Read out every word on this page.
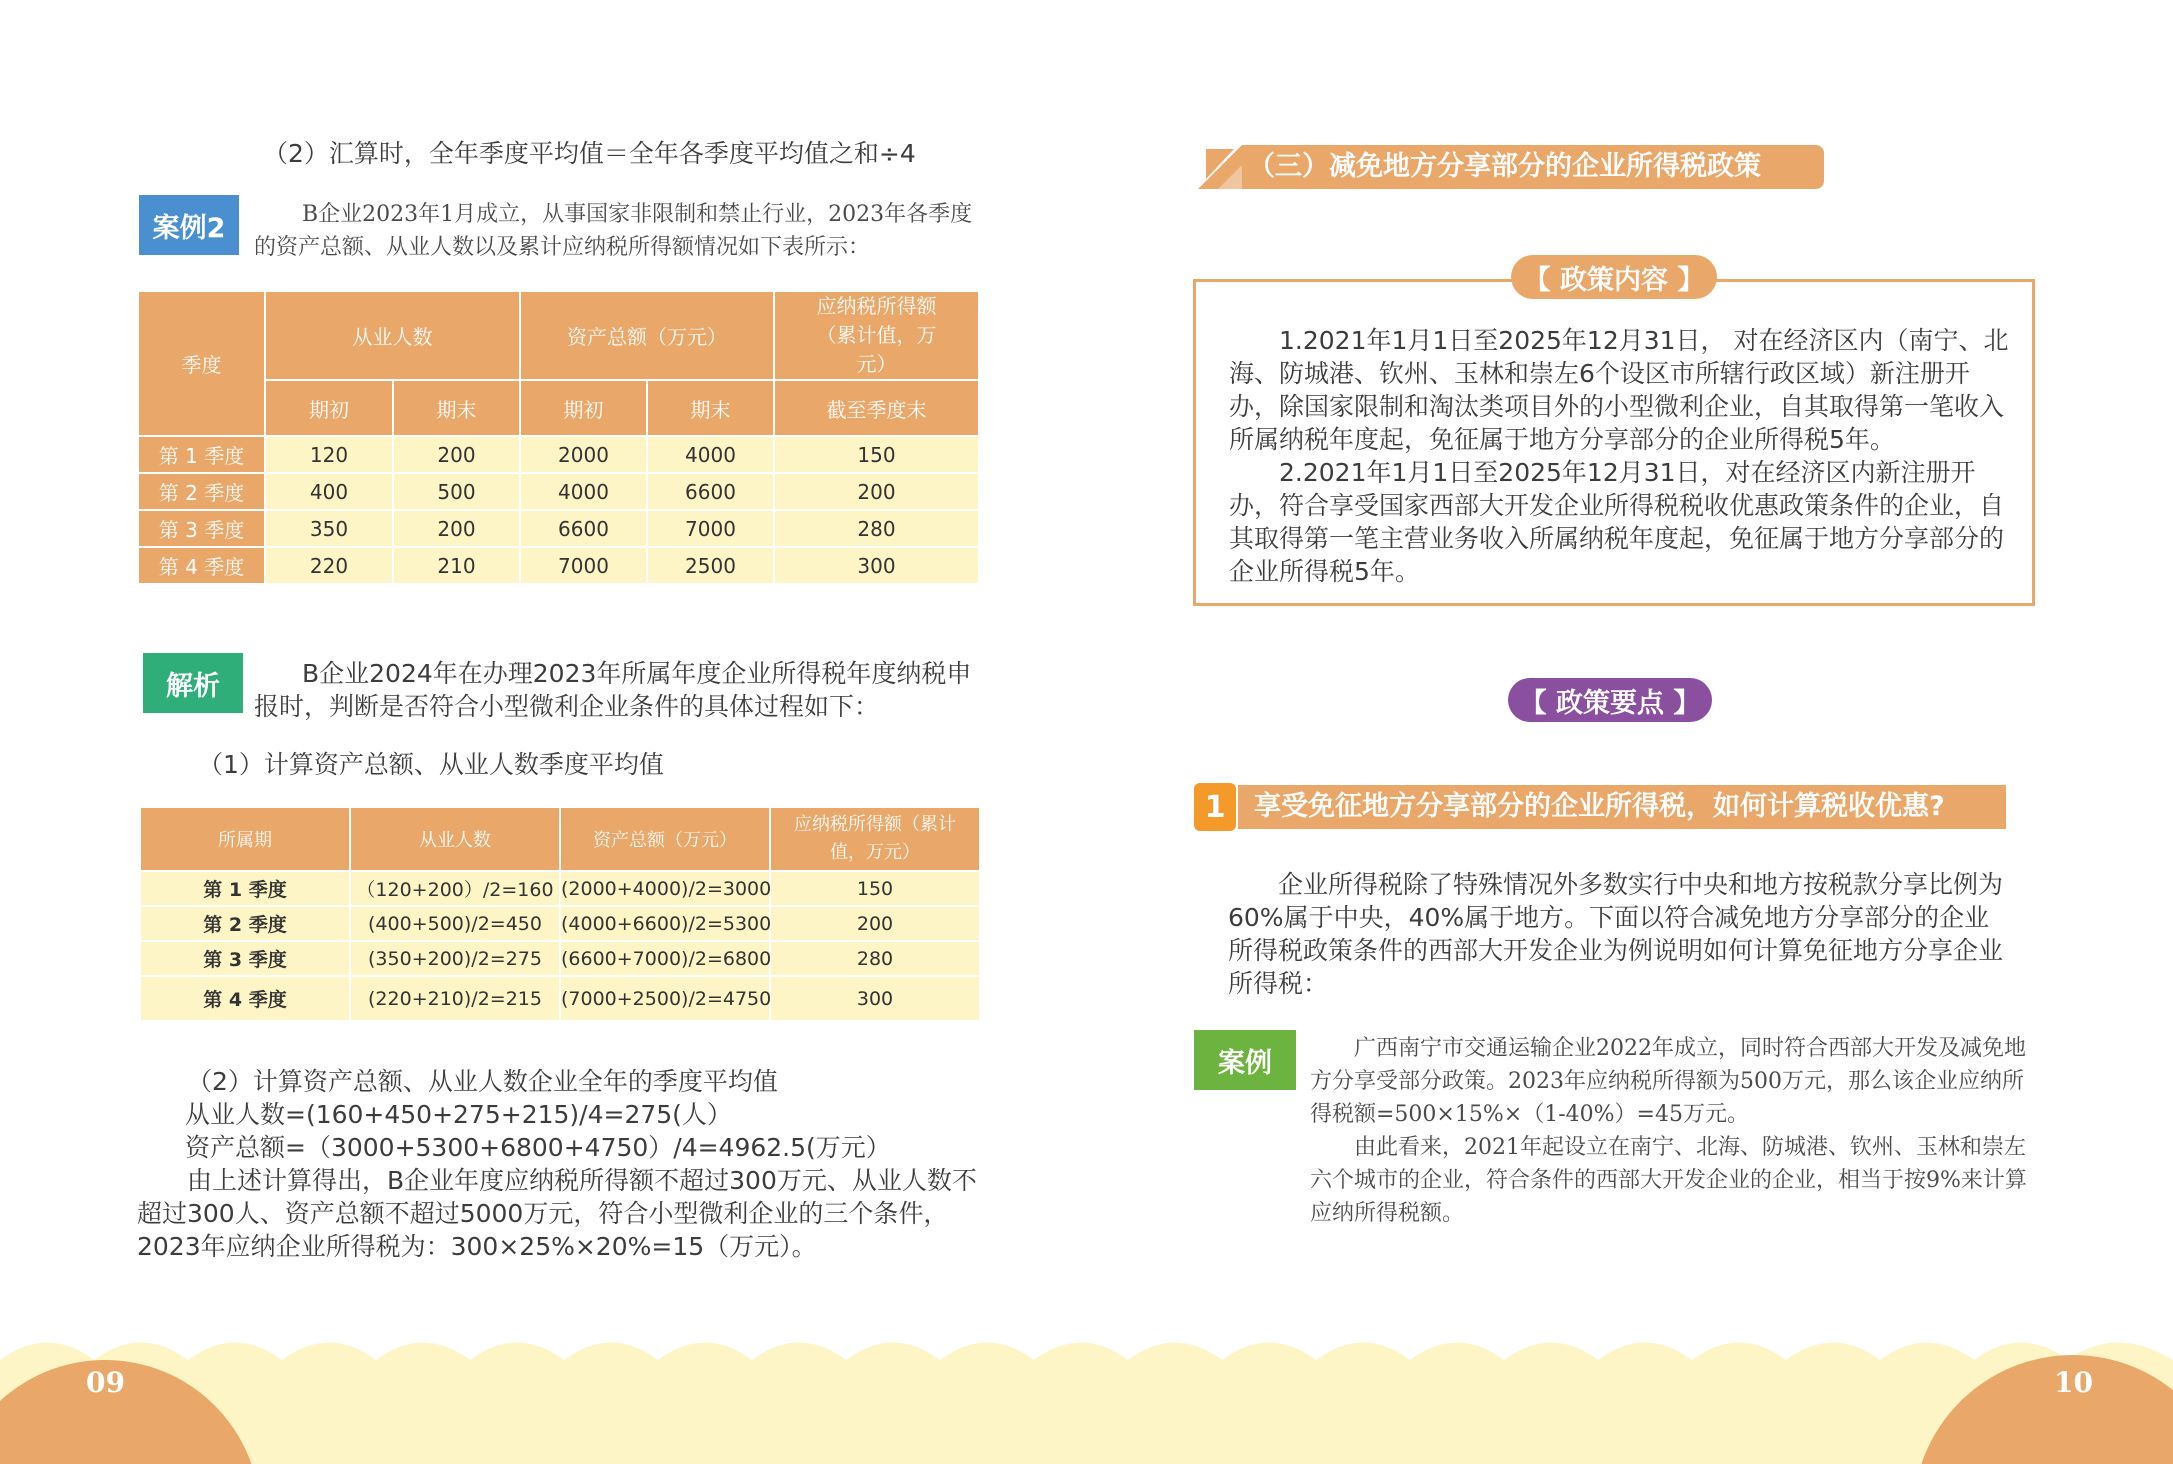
（2）汇算时，全年季度平均值＝全年各季度平均值之和÷4
案例2	B企业2023年1月成立，从事国家非限制和禁止行业，2023年各季度的资产总额、从业人数以及累计应纳税所得额情况如下表所示：
季度	从业人数		资产总额（万元）		应纳税所得额（累计值，万元）
	期初	期末	期初	期末	截至季度末
第 1 季度	120	200	2000	4000	150
第 2 季度	400	500	4000	6600	200
第 3 季度	350	200	6600	7000	280
第 4 季度	220	210	7000	2500	300
解析	B企业2024年在办理2023年所属年度企业所得税年度纳税申报时，判断是否符合小型微利企业条件的具体过程如下：
（1）计算资产总额、从业人数季度平均值
所属期	从业人数	资产总额（万元）	应纳税所得额（累计值，万元）
第 1 季度	（120+200）/2=160	(2000+4000)/2=3000	150
第 2 季度	(400+500)/2=450	(4000+6600)/2=5300	200
第 3 季度	(350+200)/2=275	(6600+7000)/2=6800	280
第 4 季度	(220+210)/2=215	(7000+2500)/2=4750	300
（2）计算资产总额、从业人数企业全年的季度平均值
从业人数=(160+450+275+215)/4=275(人）
资产总额=（3000+5300+6800+4750）/4=4962.5(万元）
由上述计算得出，B企业年度应纳税所得额不超过300万元、从业人数不超过300人、资产总额不超过5000万元，符合小型微利企业的三个条件，2023年应纳企业所得税为：300×25%×20%=15（万元）。
（三）减免地方分享部分的企业所得税政策
1.2021年1月1日至2025年12月31日， 对在经济区内（南宁、北海、防城港、钦州、玉林和崇左6个设区市所辖行政区域）新注册开办，除国家限制和淘汰类项目外的小型微利企业，自其取得第一笔收入所属纳税年度起，免征属于地方分享部分的企业所得税5年。
2.2021年1月1日至2025年12月31日，对在经济区内新注册开办，符合享受国家西部大开发企业所得税税收优惠政策条件的企业，自其取得第一笔主营业务收入所属纳税年度起，免征属于地方分享部分的企业所得税5年。
【 政策内容 】
【 政策要点 】
1	享受免征地方分享部分的企业所得税，如何计算税收优惠?
企业所得税除了特殊情况外多数实行中央和地方按税款分享比例为60%属于中央，40%属于地方。下面以符合减免地方分享部分的企业所得税政策条件的西部大开发企业为例说明如何计算免征地方分享企业所得税：
案例	广西南宁市交通运输企业2022年成立，同时符合西部大开发及减免地方分享受部分政策。2023年应纳税所得额为500万元，那么该企业应纳所得税额=500×15%×（1-40%）=45万元。
由此看来，2021年起设立在南宁、北海、防城港、钦州、玉林和崇左六个城市的企业，符合条件的西部大开发企业的企业，相当于按9%来计算应纳所得税额。
09	10
